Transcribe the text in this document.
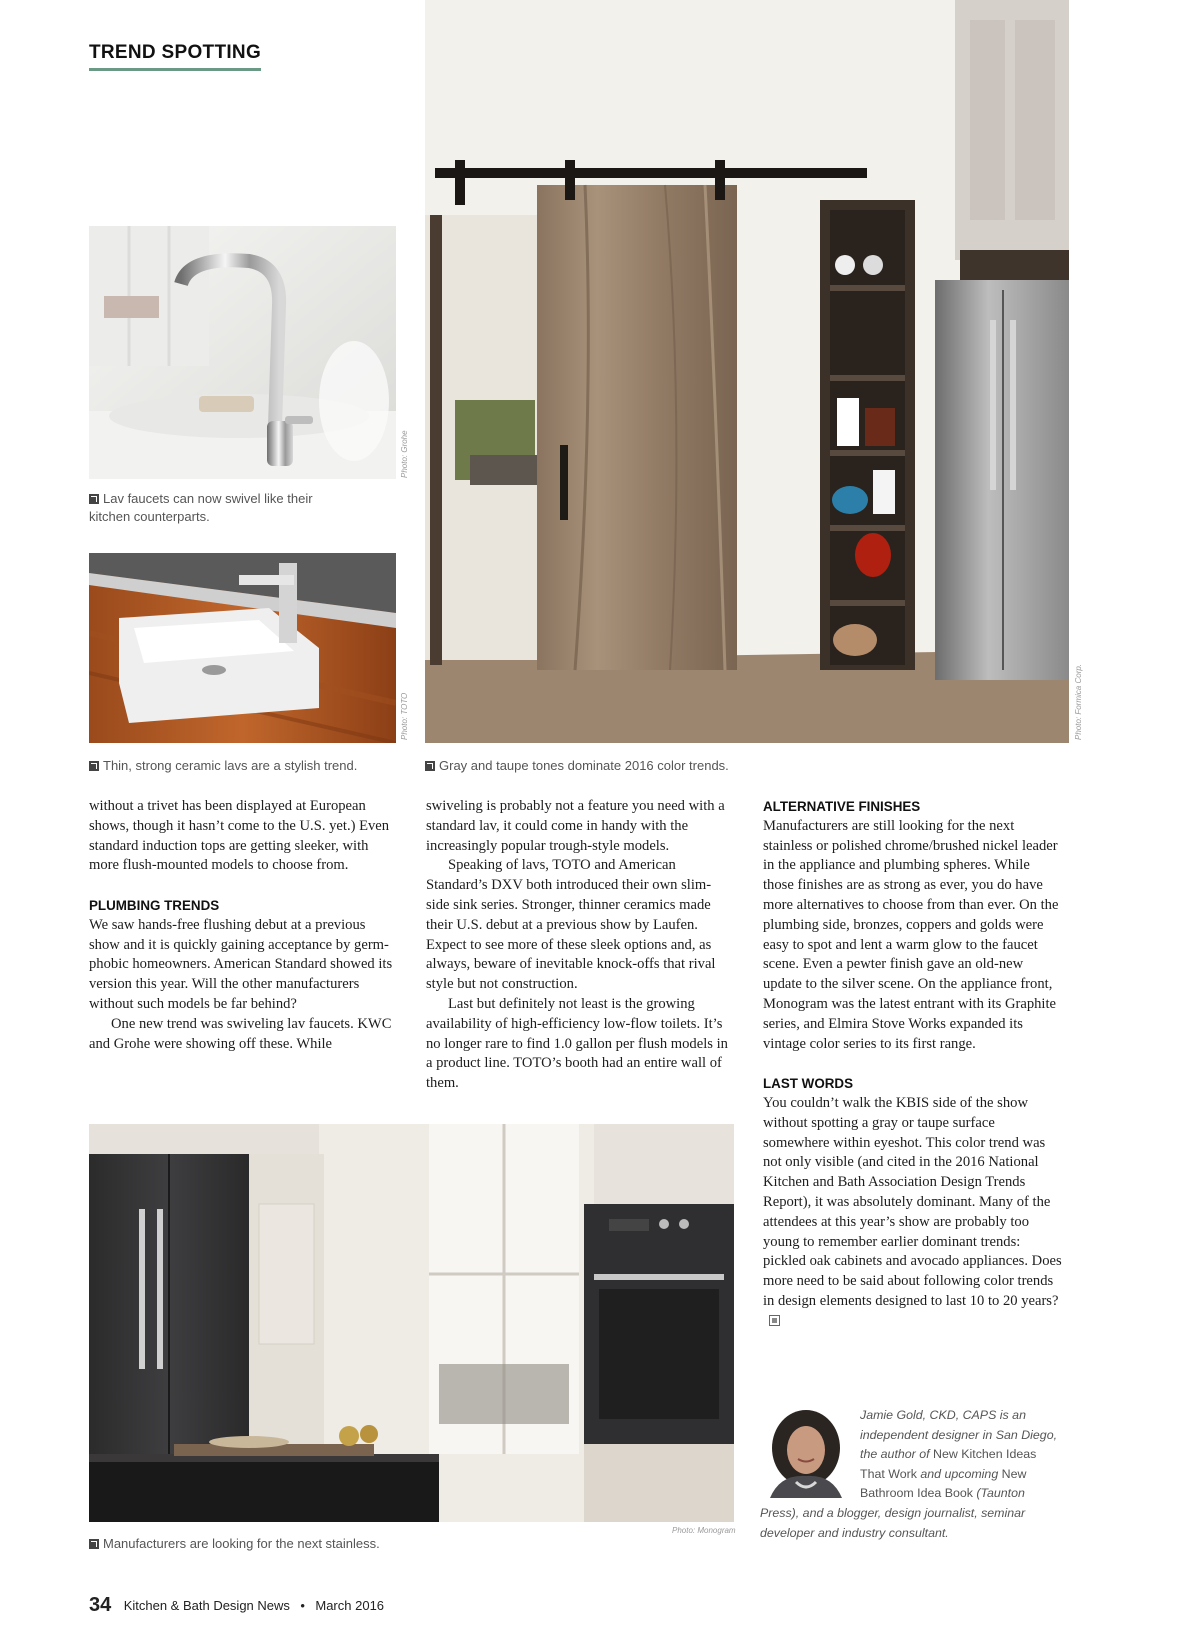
TREND SPOTTING
Photo: Grohe
Lav faucets can now swivel like their kitchen counterparts.
Photo: TOTO
Thin, strong ceramic lavs are a stylish trend.
Photo: Formica Corp.
Gray and taupe tones dominate 2016 color trends.

without a trivet has been displayed at European shows, though it hasn’t come to the U.S. yet.) Even standard induction tops are getting sleeker, with more flush-mounted models to choose from.

PLUMBING TRENDS

We saw hands-free flushing debut at a previous show and it is quickly gaining acceptance by germ-phobic homeowners. American Standard showed its version this year. Will the other manufacturers without such models be far behind?

One new trend was swiveling lav faucets. KWC and Grohe were showing off these. While

swiveling is probably not a feature you need with a standard lav, it could come in handy with the increasingly popular trough-style models.

Speaking of lavs, TOTO and American Standard’s DXV both introduced their own slim-side sink series. Stronger, thinner ceramics made their U.S. debut at a previous show by Laufen. Expect to see more of these sleek options and, as always, beware of inevitable knock-offs that rival style but not construction.

Last but definitely not least is the growing availability of high-efficiency low-flow toilets. It’s no longer rare to find 1.0 gallon per flush models in a product line. TOTO’s booth had an entire wall of them.

ALTERNATIVE FINISHES

Manufacturers are still looking for the next stainless or polished chrome/brushed nickel leader in the appliance and plumbing spheres. While those finishes are as strong as ever, you do have more alternatives to choose from than ever. On the plumbing side, bronzes, coppers and golds were easy to spot and lent a warm glow to the faucet scene. Even a pewter finish gave an old-new update to the silver scene. On the appliance front, Monogram was the latest entrant with its Graphite series, and Elmira Stove Works expanded its vintage color series to its first range.

LAST WORDS

You couldn’t walk the KBIS side of the show without spotting a gray or taupe surface somewhere within eyeshot. This color trend was not only visible (and cited in the 2016 National Kitchen and Bath Association Design Trends Report), it was absolutely dominant. Many of the attendees at this year’s show are probably too young to remember earlier dominant trends: pickled oak cabinets and avocado appliances. Does more need to be said about following color trends in design elements designed to last 10 to 20 years?

Photo: Monogram
Manufacturers are looking for the next stainless.
Jamie Gold, CKD, CAPS is an independent designer in San Diego, the author of New Kitchen Ideas That Work and upcoming New Bathroom Idea Book (Taunton Press), and a blogger, design journalist, seminar developer and industry consultant.
34 Kitchen & Bath Design News • March 2016
